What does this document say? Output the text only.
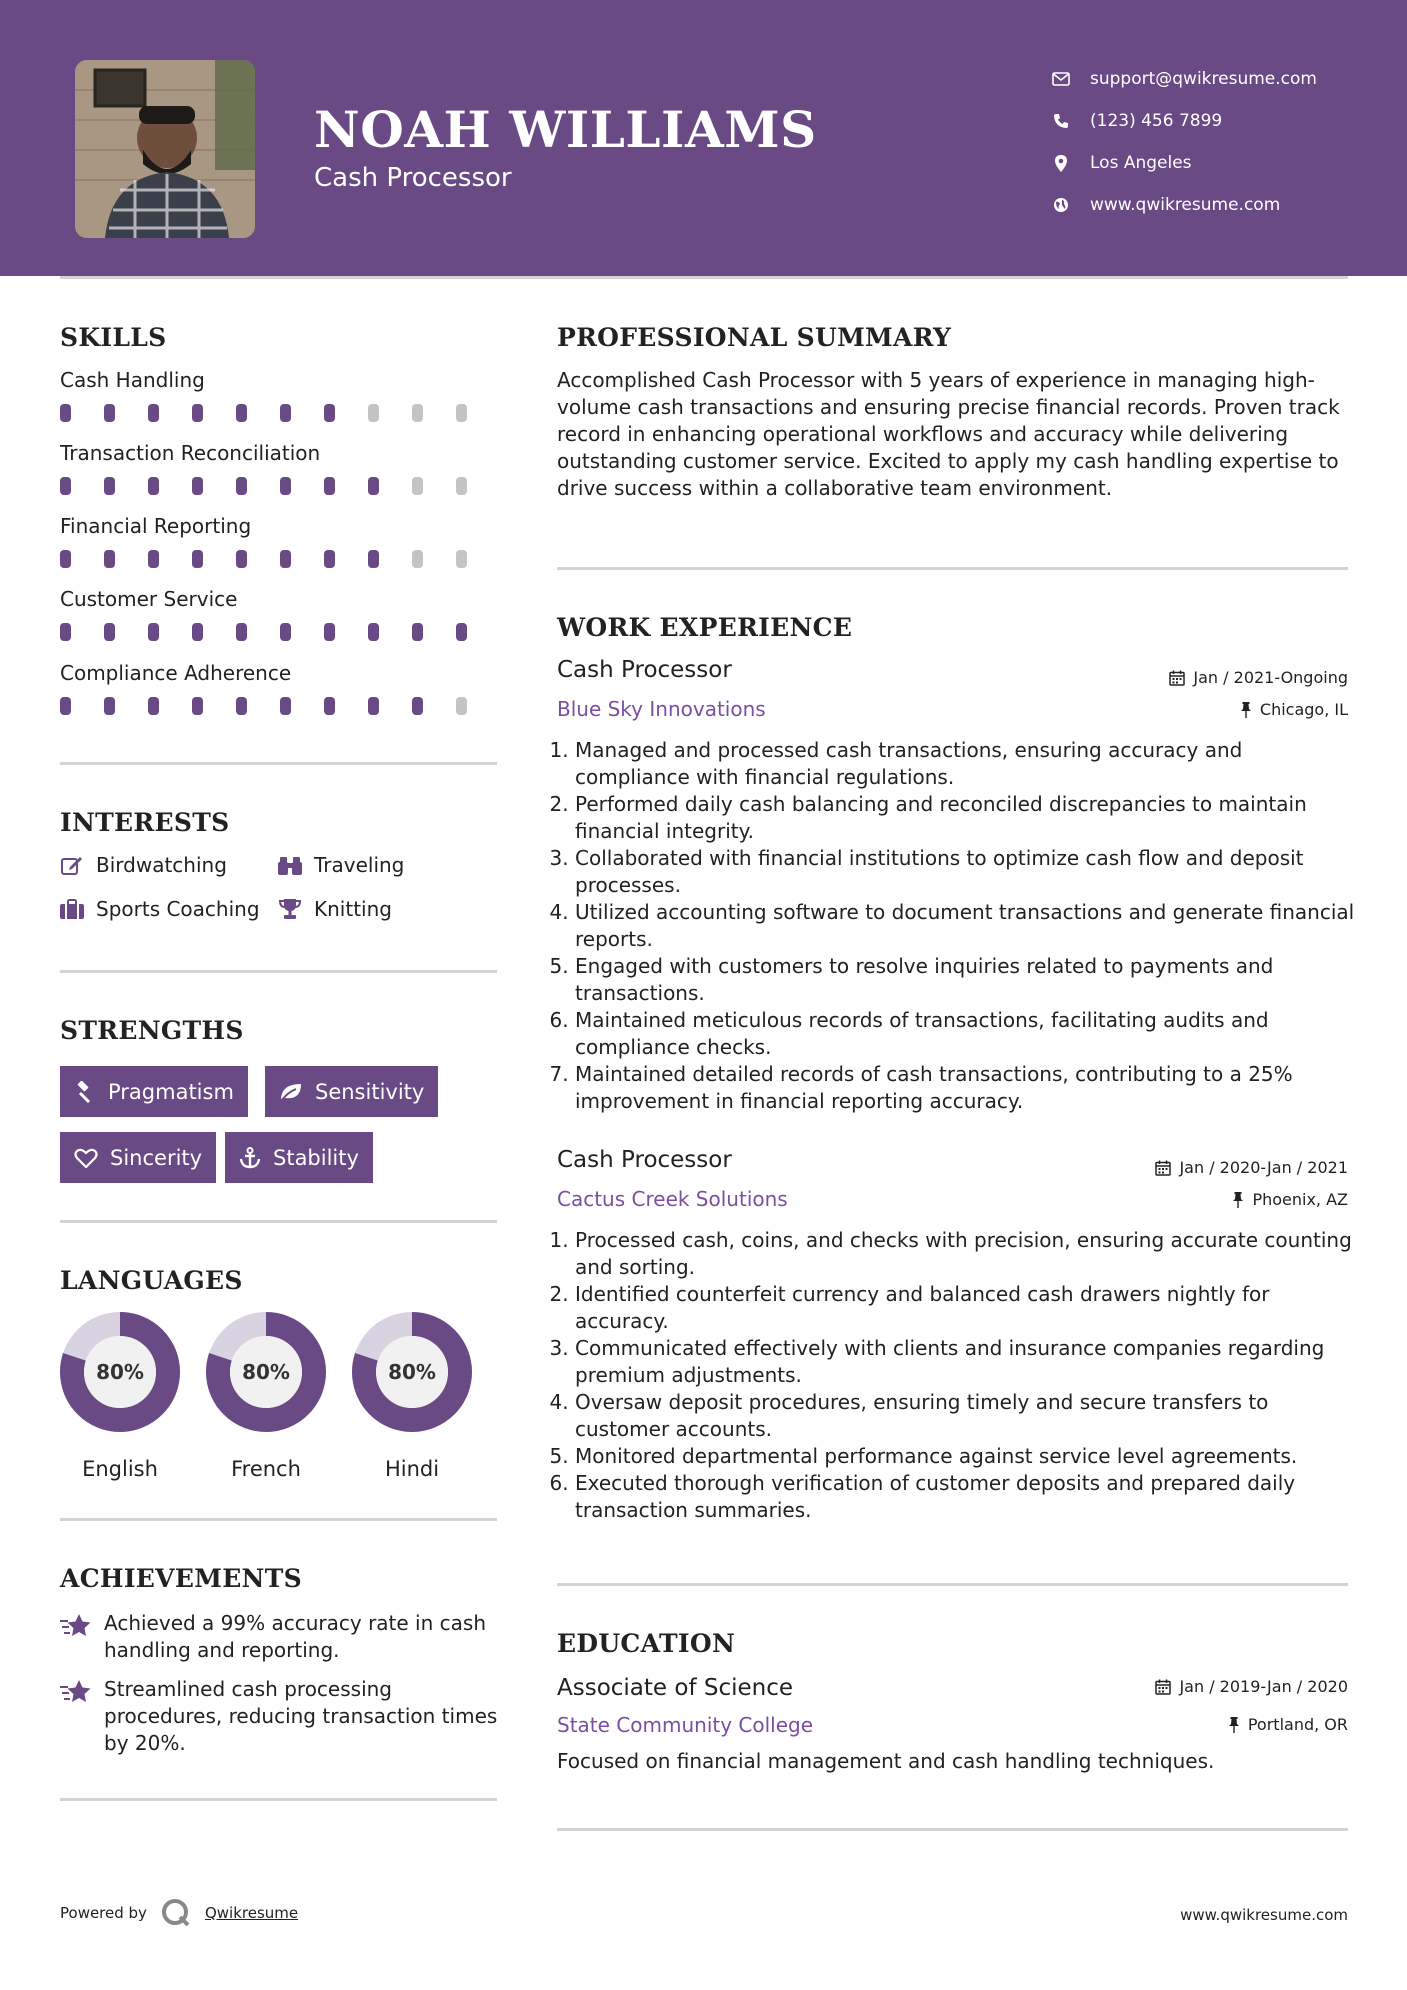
NOAH WILLIAMS
Cash Processor
support@qwikresume.com
(123) 456 7899
Los Angeles
www.qwikresume.com
SKILLS
Cash Handling
Transaction Reconciliation
Financial Reporting
Customer Service
Compliance Adherence
INTERESTS
Birdwatching	Traveling
Sports Coaching	Knitting
STRENGTHS
Pragmatism	Sensitivity
Sincerity	Stability
LANGUAGES
80%
English
80%
French
80%
Hindi
ACHIEVEMENTS
Achieved a 99% accuracy rate in cash handling and reporting.
Streamlined cash processing procedures, reducing transaction times by 20%.
PROFESSIONAL SUMMARY
Accomplished Cash Processor with 5 years of experience in managing high-volume cash transactions and ensuring precise financial records. Proven track record in enhancing operational workflows and accuracy while delivering outstanding customer service. Excited to apply my cash handling expertise to drive success within a collaborative team environment.
WORK EXPERIENCE
Cash Processor	Jan / 2021-Ongoing
Blue Sky Innovations	Chicago, IL
1. Managed and processed cash transactions, ensuring accuracy and compliance with financial regulations.
2. Performed daily cash balancing and reconciled discrepancies to maintain financial integrity.
3. Collaborated with financial institutions to optimize cash flow and deposit processes.
4. Utilized accounting software to document transactions and generate financial reports.
5. Engaged with customers to resolve inquiries related to payments and transactions.
6. Maintained meticulous records of transactions, facilitating audits and compliance checks.
7. Maintained detailed records of cash transactions, contributing to a 25% improvement in financial reporting accuracy.
Cash Processor	Jan / 2020-Jan / 2021
Cactus Creek Solutions	Phoenix, AZ
1. Processed cash, coins, and checks with precision, ensuring accurate counting and sorting.
2. Identified counterfeit currency and balanced cash drawers nightly for accuracy.
3. Communicated effectively with clients and insurance companies regarding premium adjustments.
4. Oversaw deposit procedures, ensuring timely and secure transfers to customer accounts.
5. Monitored departmental performance against service level agreements.
6. Executed thorough verification of customer deposits and prepared daily transaction summaries.
EDUCATION
Associate of Science	Jan / 2019-Jan / 2020
State Community College	Portland, OR
Focused on financial management and cash handling techniques.
Powered by	Qwikresume	www.qwikresume.com
